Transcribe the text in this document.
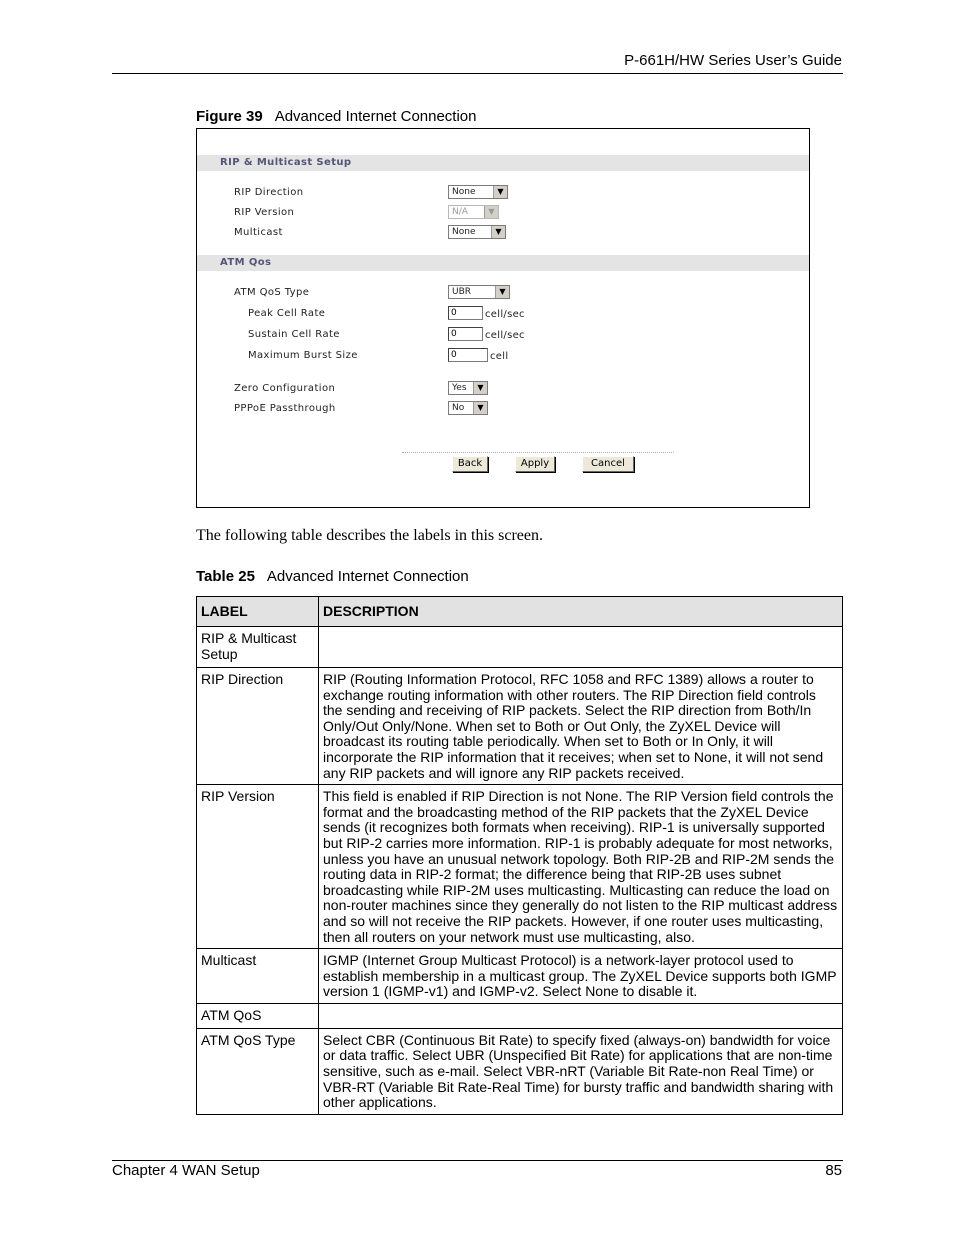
P-661H/HW Series User’s Guide
Figure 39 Advanced Internet Connection
RIP & Multicast Setup
RIP Direction	None	▼
RIP Version	N/A	▼
Multicast	None	▼
ATM Qos
ATM QoS Type	UBR	▼
Peak Cell Rate	0	cell/sec
Sustain Cell Rate	0	cell/sec
Maximum Burst Size	0	cell
Zero Configuration	Yes	▼
PPPoE Passthrough	No	▼
Back	Apply	Cancel
The following table describes the labels in this screen.
Table 25 Advanced Internet Connection
LABEL	DESCRIPTION
RIP & Multicast Setup	
RIP Direction	RIP (Routing Information Protocol, RFC 1058 and RFC 1389) allows a router to exchange routing information with other routers. The RIP Direction field controls the sending and receiving of RIP packets. Select the RIP direction from Both/In Only/Out Only/None. When set to Both or Out Only, the ZyXEL Device will broadcast its routing table periodically. When set to Both or In Only, it will incorporate the RIP information that it receives; when set to None, it will not send any RIP packets and will ignore any RIP packets received.
RIP Version	This field is enabled if RIP Direction is not None. The RIP Version field controls the format and the broadcasting method of the RIP packets that the ZyXEL Device sends (it recognizes both formats when receiving). RIP-1 is universally supported but RIP-2 carries more information. RIP-1 is probably adequate for most networks, unless you have an unusual network topology. Both RIP-2B and RIP-2M sends the routing data in RIP-2 format; the difference being that RIP-2B uses subnet broadcasting while RIP-2M uses multicasting. Multicasting can reduce the load on non-router machines since they generally do not listen to the RIP multicast address and so will not receive the RIP packets. However, if one router uses multicasting, then all routers on your network must use multicasting, also.
Multicast	IGMP (Internet Group Multicast Protocol) is a network-layer protocol used to establish membership in a multicast group. The ZyXEL Device supports both IGMP version 1 (IGMP-v1) and IGMP-v2. Select None to disable it.
ATM QoS	
ATM QoS Type	Select CBR (Continuous Bit Rate) to specify fixed (always-on) bandwidth for voice or data traffic. Select UBR (Unspecified Bit Rate) for applications that are non-time sensitive, such as e-mail. Select VBR-nRT (Variable Bit Rate-non Real Time) or VBR-RT (Variable Bit Rate-Real Time) for bursty traffic and bandwidth sharing with other applications.
Chapter 4 WAN Setup	85
